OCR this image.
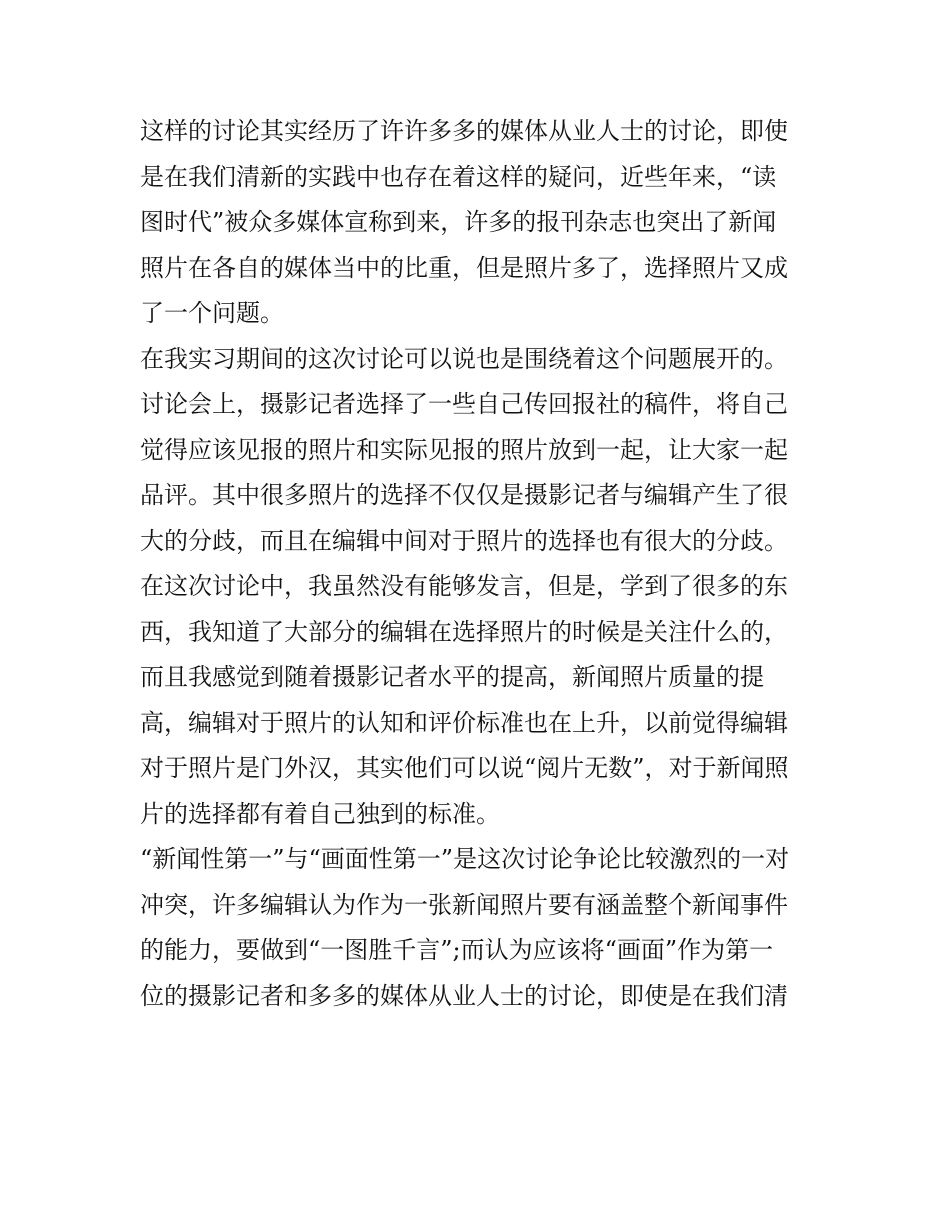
这样的讨论其实经历了许许多多的媒体从业人士的讨论，即使
是在我们清新的实践中也存在着这样的疑问，近些年来，“读
图时代”被众多媒体宣称到来，许多的报刊杂志也突出了新闻
照片在各自的媒体当中的比重，但是照片多了，选择照片又成
了一个问题。
在我实习期间的这次讨论可以说也是围绕着这个问题展开的。
讨论会上，摄影记者选择了一些自己传回报社的稿件，将自己
觉得应该见报的照片和实际见报的照片放到一起，让大家一起
品评。其中很多照片的选择不仅仅是摄影记者与编辑产生了很
大的分歧，而且在编辑中间对于照片的选择也有很大的分歧。
在这次讨论中，我虽然没有能够发言，但是，学到了很多的东
西，我知道了大部分的编辑在选择照片的时候是关注什么的，
而且我感觉到随着摄影记者水平的提高，新闻照片质量的提
高，编辑对于照片的认知和评价标准也在上升，以前觉得编辑
对于照片是门外汉，其实他们可以说“阅片无数”，对于新闻照
片的选择都有着自己独到的标准。
“新闻性第一”与“画面性第一”是这次讨论争论比较激烈的一对
冲突，许多编辑认为作为一张新闻照片要有涵盖整个新闻事件
的能力，要做到“一图胜千言”;而认为应该将“画面”作为第一
位的摄影记者和多多的媒体从业人士的讨论，即使是在我们清
